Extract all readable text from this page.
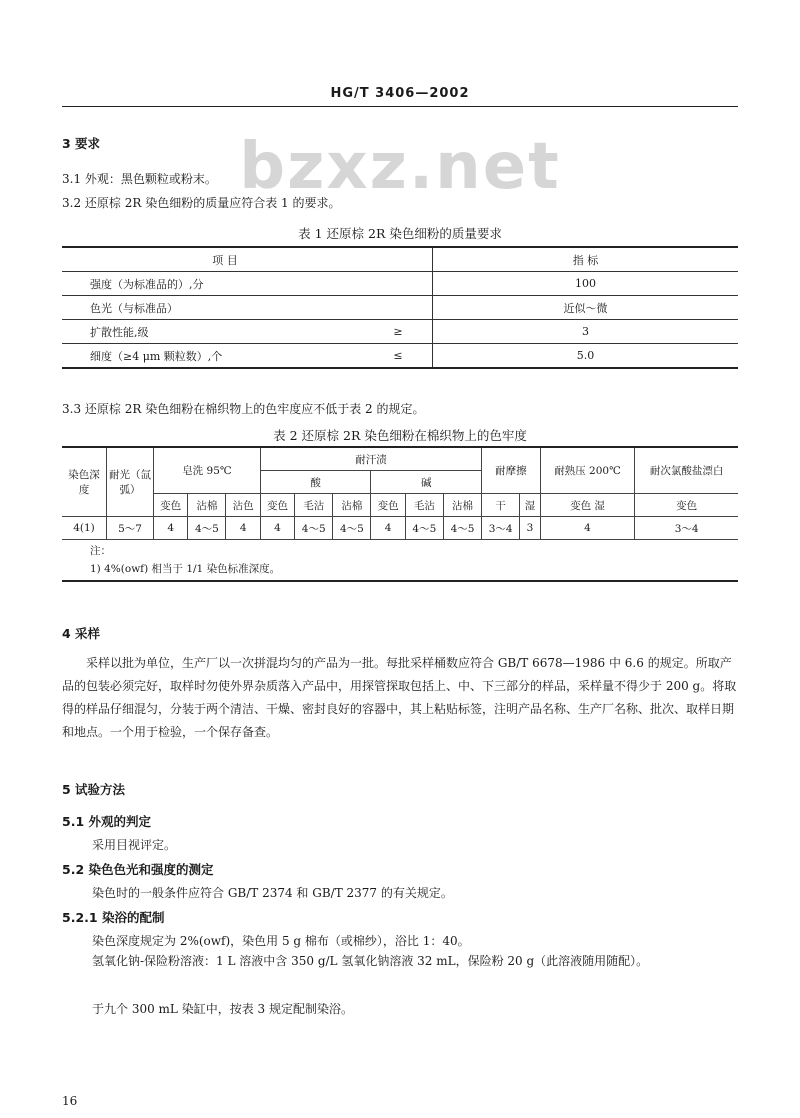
HG/T 3406—2002
bzxz.net
3 要求
3.1 外观：黑色颗粒或粉末。
3.2 还原棕 2R 染色细粉的质量应符合表 1 的要求。
表 1 还原棕 2R 染色细粉的质量要求
项 目		指 标
强度（为标准品的）,分		100
色光（与标准品）		近似～微
扩散性能,级	≥	3
细度（≥4 μm 颗粒数）,个	≤	5.0
3.3 还原棕 2R 染色细粉在棉织物上的色牢度应不低于表 2 的规定。
表 2 还原棕 2R 染色细粉在棉织物上的色牢度
染色深度	耐光（氙弧）	皂洗 95℃			耐汗渍						耐摩擦		耐熟压 200℃	耐次氯酸盐漂白
					酸			碱						
		变色	沾棉	沾色	变色	毛沾	沾棉	变色	毛沾	沾棉	干	湿	变色 湿	变色
4(1)	5～7	4	4～5	4	4	4～5	4～5	4	4～5	4～5	3～4	3	4	3～4

注：
1) 4%(owf) 相当于 1/1 染色标准深度。														
4 采样
采样以批为单位，生产厂以一次拼混均匀的产品为一批。每批采样桶数应符合 GB/T 6678—1986 中 6.6 的规定。所取产品的包装必须完好，取样时勿使外界杂质落入产品中，用探管探取包括上、中、下三部分的样品，采样量不得少于 200 g。将取得的样品仔细混匀，分装于两个清洁、干燥、密封良好的容器中，其上粘贴标签，注明产品名称、生产厂名称、批次、取样日期和地点。一个用于检验，一个保存备查。
5 试验方法
5.1 外观的判定
采用目视评定。
5.2 染色色光和强度的测定
染色时的一般条件应符合 GB/T 2374 和 GB/T 2377 的有关规定。
5.2.1 染浴的配制
染色深度规定为 2%(owf)，染色用 5 g 棉布（或棉纱），浴比 1：40。
氢氧化钠-保险粉溶液：1 L 溶液中含 350 g/L 氢氧化钠溶液 32 mL，保险粉 20 g（此溶液随用随配）。
于九个 300 mL 染缸中，按表 3 规定配制染浴。
16
